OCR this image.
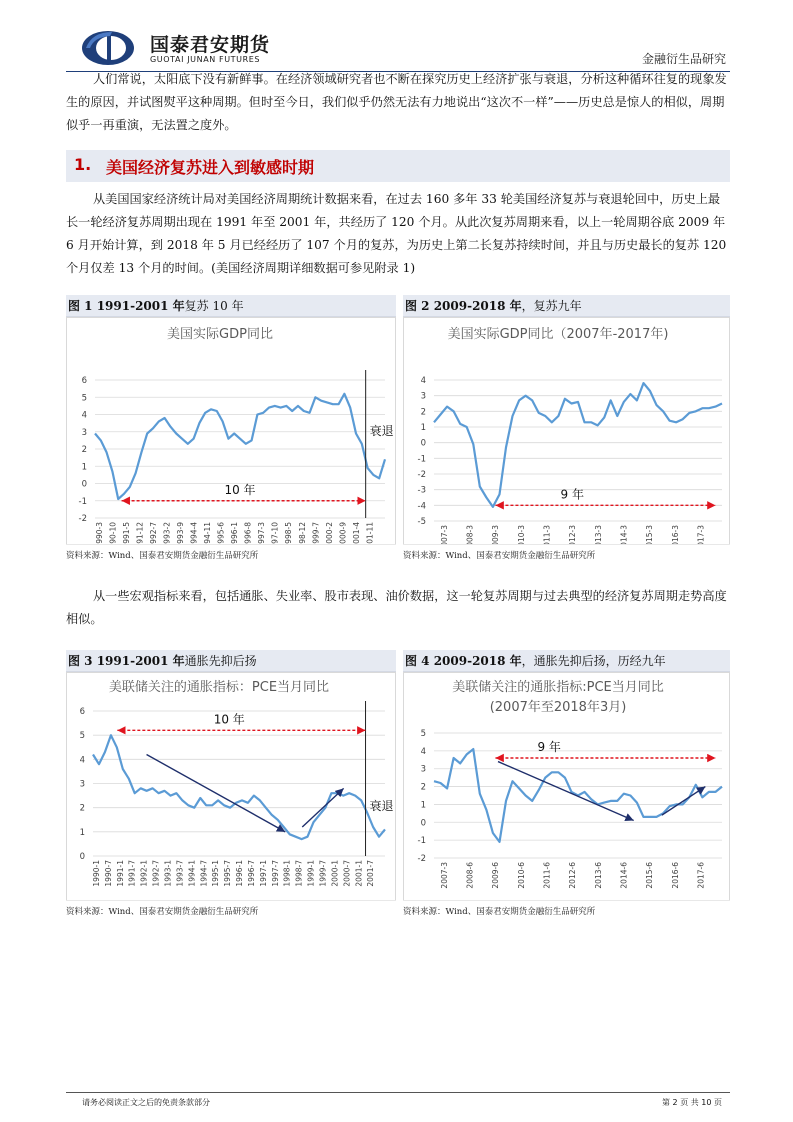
国泰君安期货
GUOTAI JUNAN FUTURES	金融衍生品研究
人们常说，太阳底下没有新鲜事。在经济领域研究者也不断在探究历史上经济扩张与衰退，分析这种循环往复的现象发生的原因，并试图熨平这种周期。但时至今日，我们似乎仍然无法有力地说出“这次不一样”——历史总是惊人的相似，周期似乎一再重演，无法置之度外。
1. 美国经济复苏进入到敏感时期
从美国国家经济统计局对美国经济周期统计数据来看，在过去 160 多年 33 轮美国经济复苏与衰退轮回中，历史上最长一轮经济复苏周期出现在 1991 年至 2001 年，共经历了 120 个月。从此次复苏周期来看，以上一轮周期谷底 2009 年 6 月开始计算，到 2018 年 5 月已经经历了 107 个月的复苏，为历史上第二长复苏持续时间，并且与历史最长的复苏 120 个月仅差 13 个月的时间。(美国经济周期详细数据可参见附录 1)
图 1 1991-2001 年复苏 10 年
美国实际GDP同比
-2
-1
0
1
2
3
4
5
6
1990-3 1990-10 1991-5 1991-12 1992-7 1993-2 1993-9 1994-4 1994-11 1995-6 1996-1 1996-8 1997-3 1997-10 1998-5 1998-12 1999-7 2000-2 2000-9 2001-4 2001-11
10 年
衰退
资料来源：Wind、国泰君安期货金融衍生品研究所
图 2 2009-2018 年，复苏九年
美国实际GDP同比（2007年-2017年)
-5
-4
-3
-2
-1
0
1
2
3
4
2007-3 2008-3 2009-3 2010-3 2011-3 2012-3 2013-3 2014-3 2015-3 2016-3 2017-3
9 年
资料来源：Wind、国泰君安期货金融衍生品研究所
从一些宏观指标来看，包括通胀、失业率、股市表现、油价数据，这一轮复苏周期与过去典型的经济复苏周期走势高度相似。
图 3 1991-2001 年通胀先抑后扬
美联储关注的通胀指标：PCE当月同比
0
1
2
3
4
5
6
1990-1 1990-7 1991-1 1991-7 1992-1 1992-7 1993-1 1993-7 1994-1 1994-7 1995-1 1995-7 1996-1 1996-7 1997-1 1997-7 1998-1 1998-7 1999-1 1999-7 2000-1 2000-7 2001-1 2001-7
10 年
衰退
资料来源：Wind、国泰君安期货金融衍生品研究所
图 4 2009-2018 年，通胀先抑后扬，历经九年
美联储关注的通胀指标:PCE当月同比
(2007年至2018年3月)
-2
-1
0
1
2
3
4
5
2007-3 2008-6 2009-6 2010-6 2011-6 2012-6 2013-6 2014-6 2015-6 2016-6 2017-6
9 年
资料来源：Wind、国泰君安期货金融衍生品研究所
请务必阅读正文之后的免责条款部分	第 2 页 共 10 页
